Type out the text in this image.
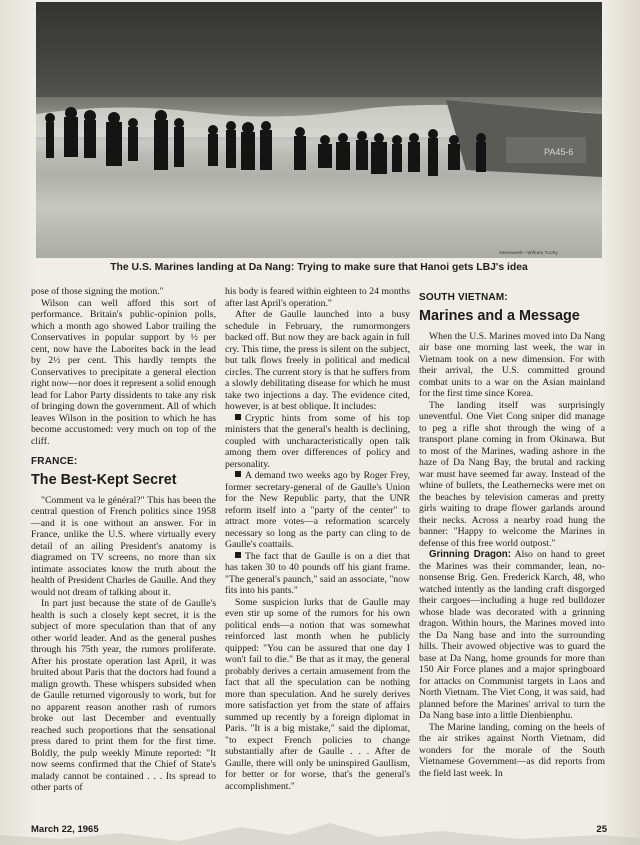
PA45-6
Newsweek—William Tuohy
The U.S. Marines landing at Da Nang: Trying to make sure that Hanoi gets LBJ's idea

pose of those signing the motion."

Wilson can well afford this sort of performance. Britain's public-opinion polls, which a month ago showed Labor trailing the Conservatives in popular support by ½ per cent, now have the Laborites back in the lead by 2½ per cent. This hardly tempts the Conservatives to precipitate a general election right now—nor does it represent a solid enough lead for Labor Party dissidents to take any risk of bringing down the government. All of which leaves Wilson in the position to which he has become accustomed: very much on top of the cliff.

FRANCE:
The Best-Kept Secret

"Comment va le général?" This has been the central question of French politics since 1958—and it is one without an answer. For in France, unlike the U.S. where virtually every detail of an ailing President's anatomy is diagramed on TV screens, no more than six intimate associates know the truth about the health of President Charles de Gaulle. And they would not dream of talking about it.

In part just because the state of de Gaulle's health is such a closely kept secret, it is the subject of more speculation than that of any other world leader. And as the general pushes through his 75th year, the rumors proliferate. After his prostate operation last April, it was bruited about Paris that the doctors had found a malign growth. These whispers subsided when de Gaulle returned vigorously to work, but for no apparent reason another rash of rumors broke out last December and eventually reached such proportions that the sensational press dared to print them for the first time. Boldly, the pulp weekly Minute reported: "It now seems confirmed that the Chief of State's malady cannot be contained . . . Its spread to other parts of

his body is feared within eighteen to 24 months after last April's operation."

After de Gaulle launched into a busy schedule in February, the rumormongers backed off. But now they are back again in full cry. This time, the press is silent on the subject, but talk flows freely in political and medical circles. The current story is that he suffers from a slowly debilitating disease for which he must take two injections a day. The evidence cited, however, is at best oblique. It includes:

Cryptic hints from some of his top ministers that the general's health is declining, coupled with uncharacteristically open talk among them over differences of policy and personality.

A demand two weeks ago by Roger Frey, former secretary-general of de Gaulle's Union for the New Republic party, that the UNR reform itself into a "party of the center" to attract more votes—a reformation scarcely necessary so long as the party can cling to de Gaulle's coattails.

The fact that de Gaulle is on a diet that has taken 30 to 40 pounds off his giant frame. "The general's paunch," said an associate, "now fits into his pants."

Some suspicion lurks that de Gaulle may even stir up some of the rumors for his own political ends—a notion that was somewhat reinforced last month when he publicly quipped: "You can be assured that one day I won't fail to die." Be that as it may, the general probably derives a certain amusement from the fact that all the speculation can be nothing more than speculation. And he surely derives more satisfaction yet from the state of affairs summed up recently by a foreign diplomat in Paris. "It is a big mistake," said the diplomat, "to expect French policies to change substantially after de Gaulle . . . After de Gaulle, there will only be uninspired Gaullism, for better or for worse, that's the general's accomplishment."

SOUTH VIETNAM:
Marines and a Message

When the U.S. Marines moved into Da Nang air base one morning last week, the war in Vietnam took on a new dimension. For with their arrival, the U.S. committed ground combat units to a war on the Asian mainland for the first time since Korea.

The landing itself was surprisingly uneventful. One Viet Cong sniper did manage to peg a rifle shot through the wing of a transport plane coming in from Okinawa. But to most of the Marines, wading ashore in the haze of Da Nang Bay, the brutal and racking war must have seemed far away. Instead of the whine of bullets, the Leathernecks were met on the beaches by television cameras and pretty girls waiting to drape flower garlands around their necks. Across a nearby road hung the banner: "Happy to welcome the Marines in defense of this free world outpost."

Grinning Dragon: Also on hand to greet the Marines was their commander, lean, no-nonsense Brig. Gen. Frederick Karch, 48, who watched intently as the landing craft disgorged their cargoes—including a huge red bulldozer whose blade was decorated with a grinning dragon. Within hours, the Marines moved into the Da Nang base and into the surrounding hills. Their avowed objective was to guard the base at Da Nang, home grounds for more than 150 Air Force planes and a major springboard for attacks on Communist targets in Laos and North Vietnam. The Viet Cong, it was said, had planned before the Marines' arrival to turn the Da Nang base into a little Dienbienphu.

The Marine landing, coming on the heels of the air strikes against North Vietnam, did wonders for the morale of the South Vietnamese Government—as did reports from the field last week. In

March 22, 1965	25
